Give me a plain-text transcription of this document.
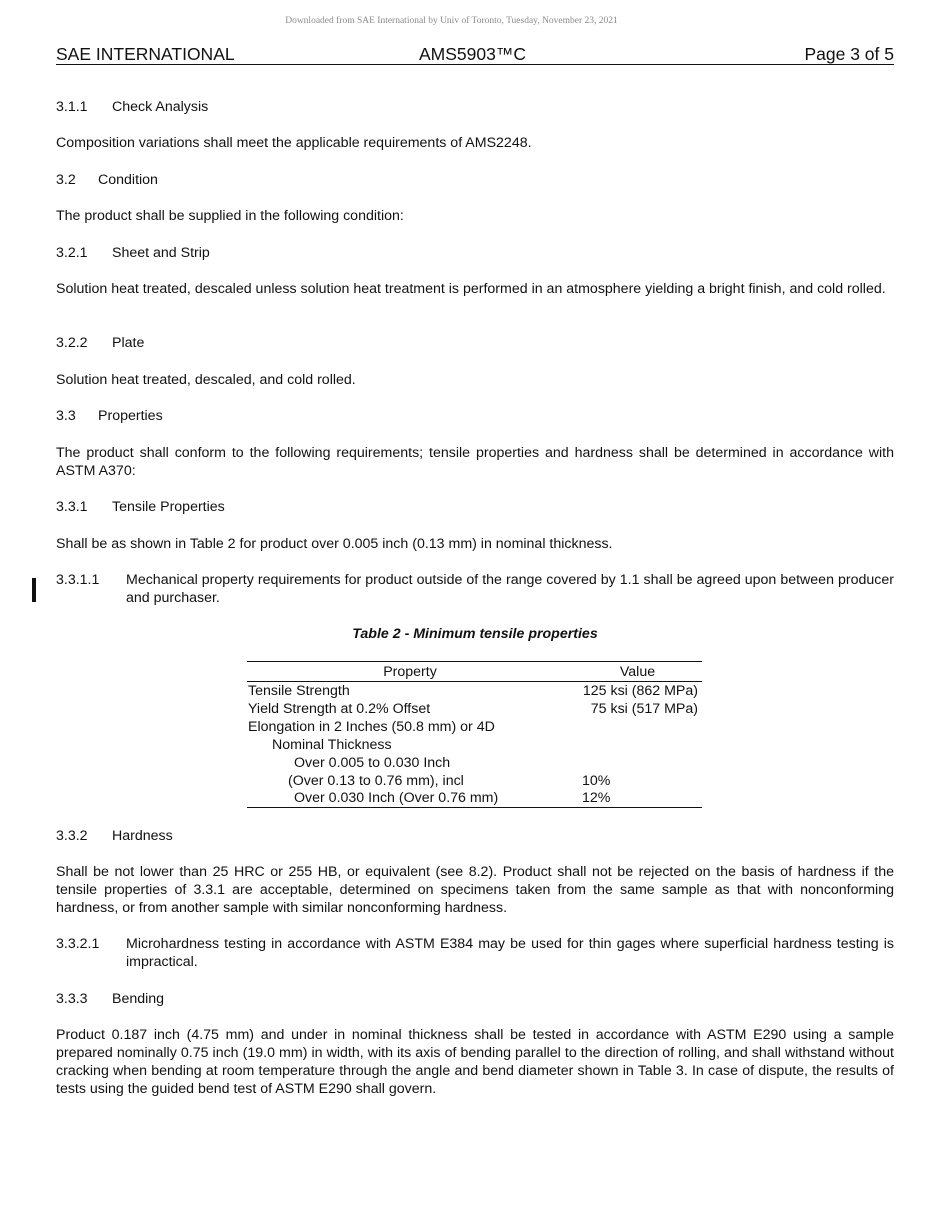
Downloaded from SAE International by Univ of Toronto, Tuesday, November 23, 2021
SAE INTERNATIONAL	AMS5903™C	Page 3 of 5
3.1.1 Check Analysis
Composition variations shall meet the applicable requirements of AMS2248.
3.2 Condition
The product shall be supplied in the following condition:
3.2.1 Sheet and Strip
Solution heat treated, descaled unless solution heat treatment is performed in an atmosphere yielding a bright finish, and cold rolled.
3.2.2 Plate
Solution heat treated, descaled, and cold rolled.
3.3 Properties
The product shall conform to the following requirements; tensile properties and hardness shall be determined in accordance with ASTM A370:
3.3.1 Tensile Properties
Shall be as shown in Table 2 for product over 0.005 inch (0.13 mm) in nominal thickness.
3.3.1.1 Mechanical property requirements for product outside of the range covered by 1.1 shall be agreed upon between producer and purchaser.
Table 2 - Minimum tensile properties
Property	Value
Tensile Strength	125 ksi (862 MPa)
Yield Strength at 0.2% Offset	75 ksi (517 MPa)
Elongation in 2 Inches (50.8 mm) or 4D
Nominal Thickness
Over 0.005 to 0.030 Inch
(Over 0.13 to 0.76 mm), incl	10%
Over 0.030 Inch (Over 0.76 mm)	12%
3.3.2 Hardness
Shall be not lower than 25 HRC or 255 HB, or equivalent (see 8.2). Product shall not be rejected on the basis of hardness if the tensile properties of 3.3.1 are acceptable, determined on specimens taken from the same sample as that with nonconforming hardness, or from another sample with similar nonconforming hardness.
3.3.2.1 Microhardness testing in accordance with ASTM E384 may be used for thin gages where superficial hardness testing is impractical.
3.3.3 Bending
Product 0.187 inch (4.75 mm) and under in nominal thickness shall be tested in accordance with ASTM E290 using a sample prepared nominally 0.75 inch (19.0 mm) in width, with its axis of bending parallel to the direction of rolling, and shall withstand without cracking when bending at room temperature through the angle and bend diameter shown in Table 3. In case of dispute, the results of tests using the guided bend test of ASTM E290 shall govern.
